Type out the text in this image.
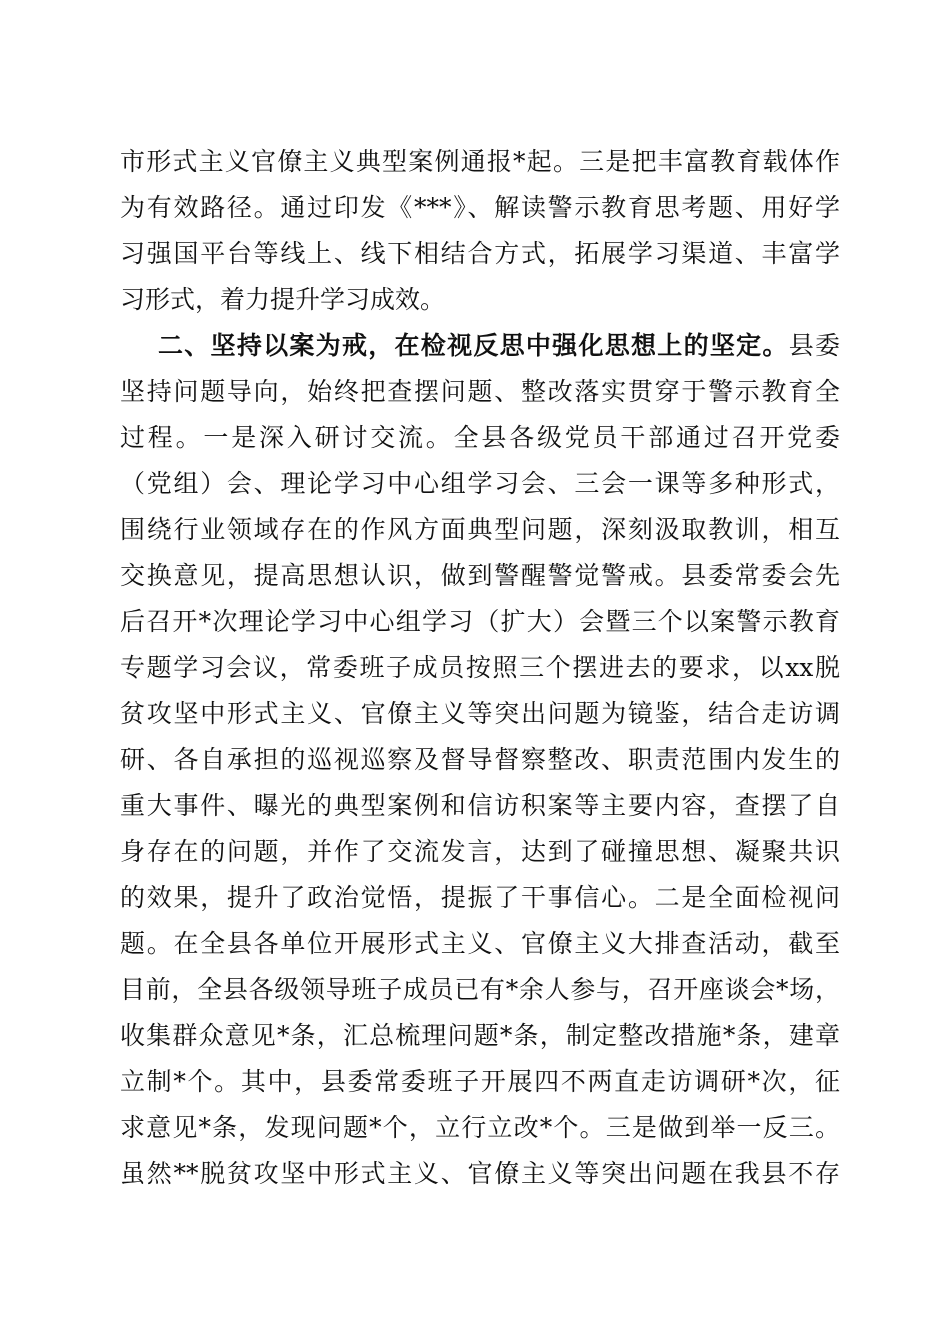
市形式主义官僚主义典型案例通报*起。三是把丰富教育载体作
为有效路径。通过印发《***》、解读警示教育思考题、用好学
习强国平台等线上、线下相结合方式，拓展学习渠道、丰富学
习形式，着力提升学习成效。
二、坚持以案为戒，在检视反思中强化思想上的坚定。县委
坚持问题导向，始终把查摆问题、整改落实贯穿于警示教育全
过程。一是深入研讨交流。全县各级党员干部通过召开党委
（党组）会、理论学习中心组学习会、三会一课等多种形式，
围绕行业领域存在的作风方面典型问题，深刻汲取教训，相互
交换意见，提高思想认识，做到警醒警觉警戒。县委常委会先
后召开*次理论学习中心组学习（扩大）会暨三个以案警示教育
专题学习会议，常委班子成员按照三个摆进去的要求，以xx脱
贫攻坚中形式主义、官僚主义等突出问题为镜鉴，结合走访调
研、各自承担的巡视巡察及督导督察整改、职责范围内发生的
重大事件、曝光的典型案例和信访积案等主要内容，查摆了自
身存在的问题，并作了交流发言，达到了碰撞思想、凝聚共识
的效果，提升了政治觉悟，提振了干事信心。二是全面检视问
题。在全县各单位开展形式主义、官僚主义大排查活动，截至
目前，全县各级领导班子成员已有*余人参与，召开座谈会*场，
收集群众意见*条，汇总梳理问题*条，制定整改措施*条，建章
立制*个。其中，县委常委班子开展四不两直走访调研*次，征
求意见*条，发现问题*个，立行立改*个。三是做到举一反三。
虽然**脱贫攻坚中形式主义、官僚主义等突出问题在我县不存
